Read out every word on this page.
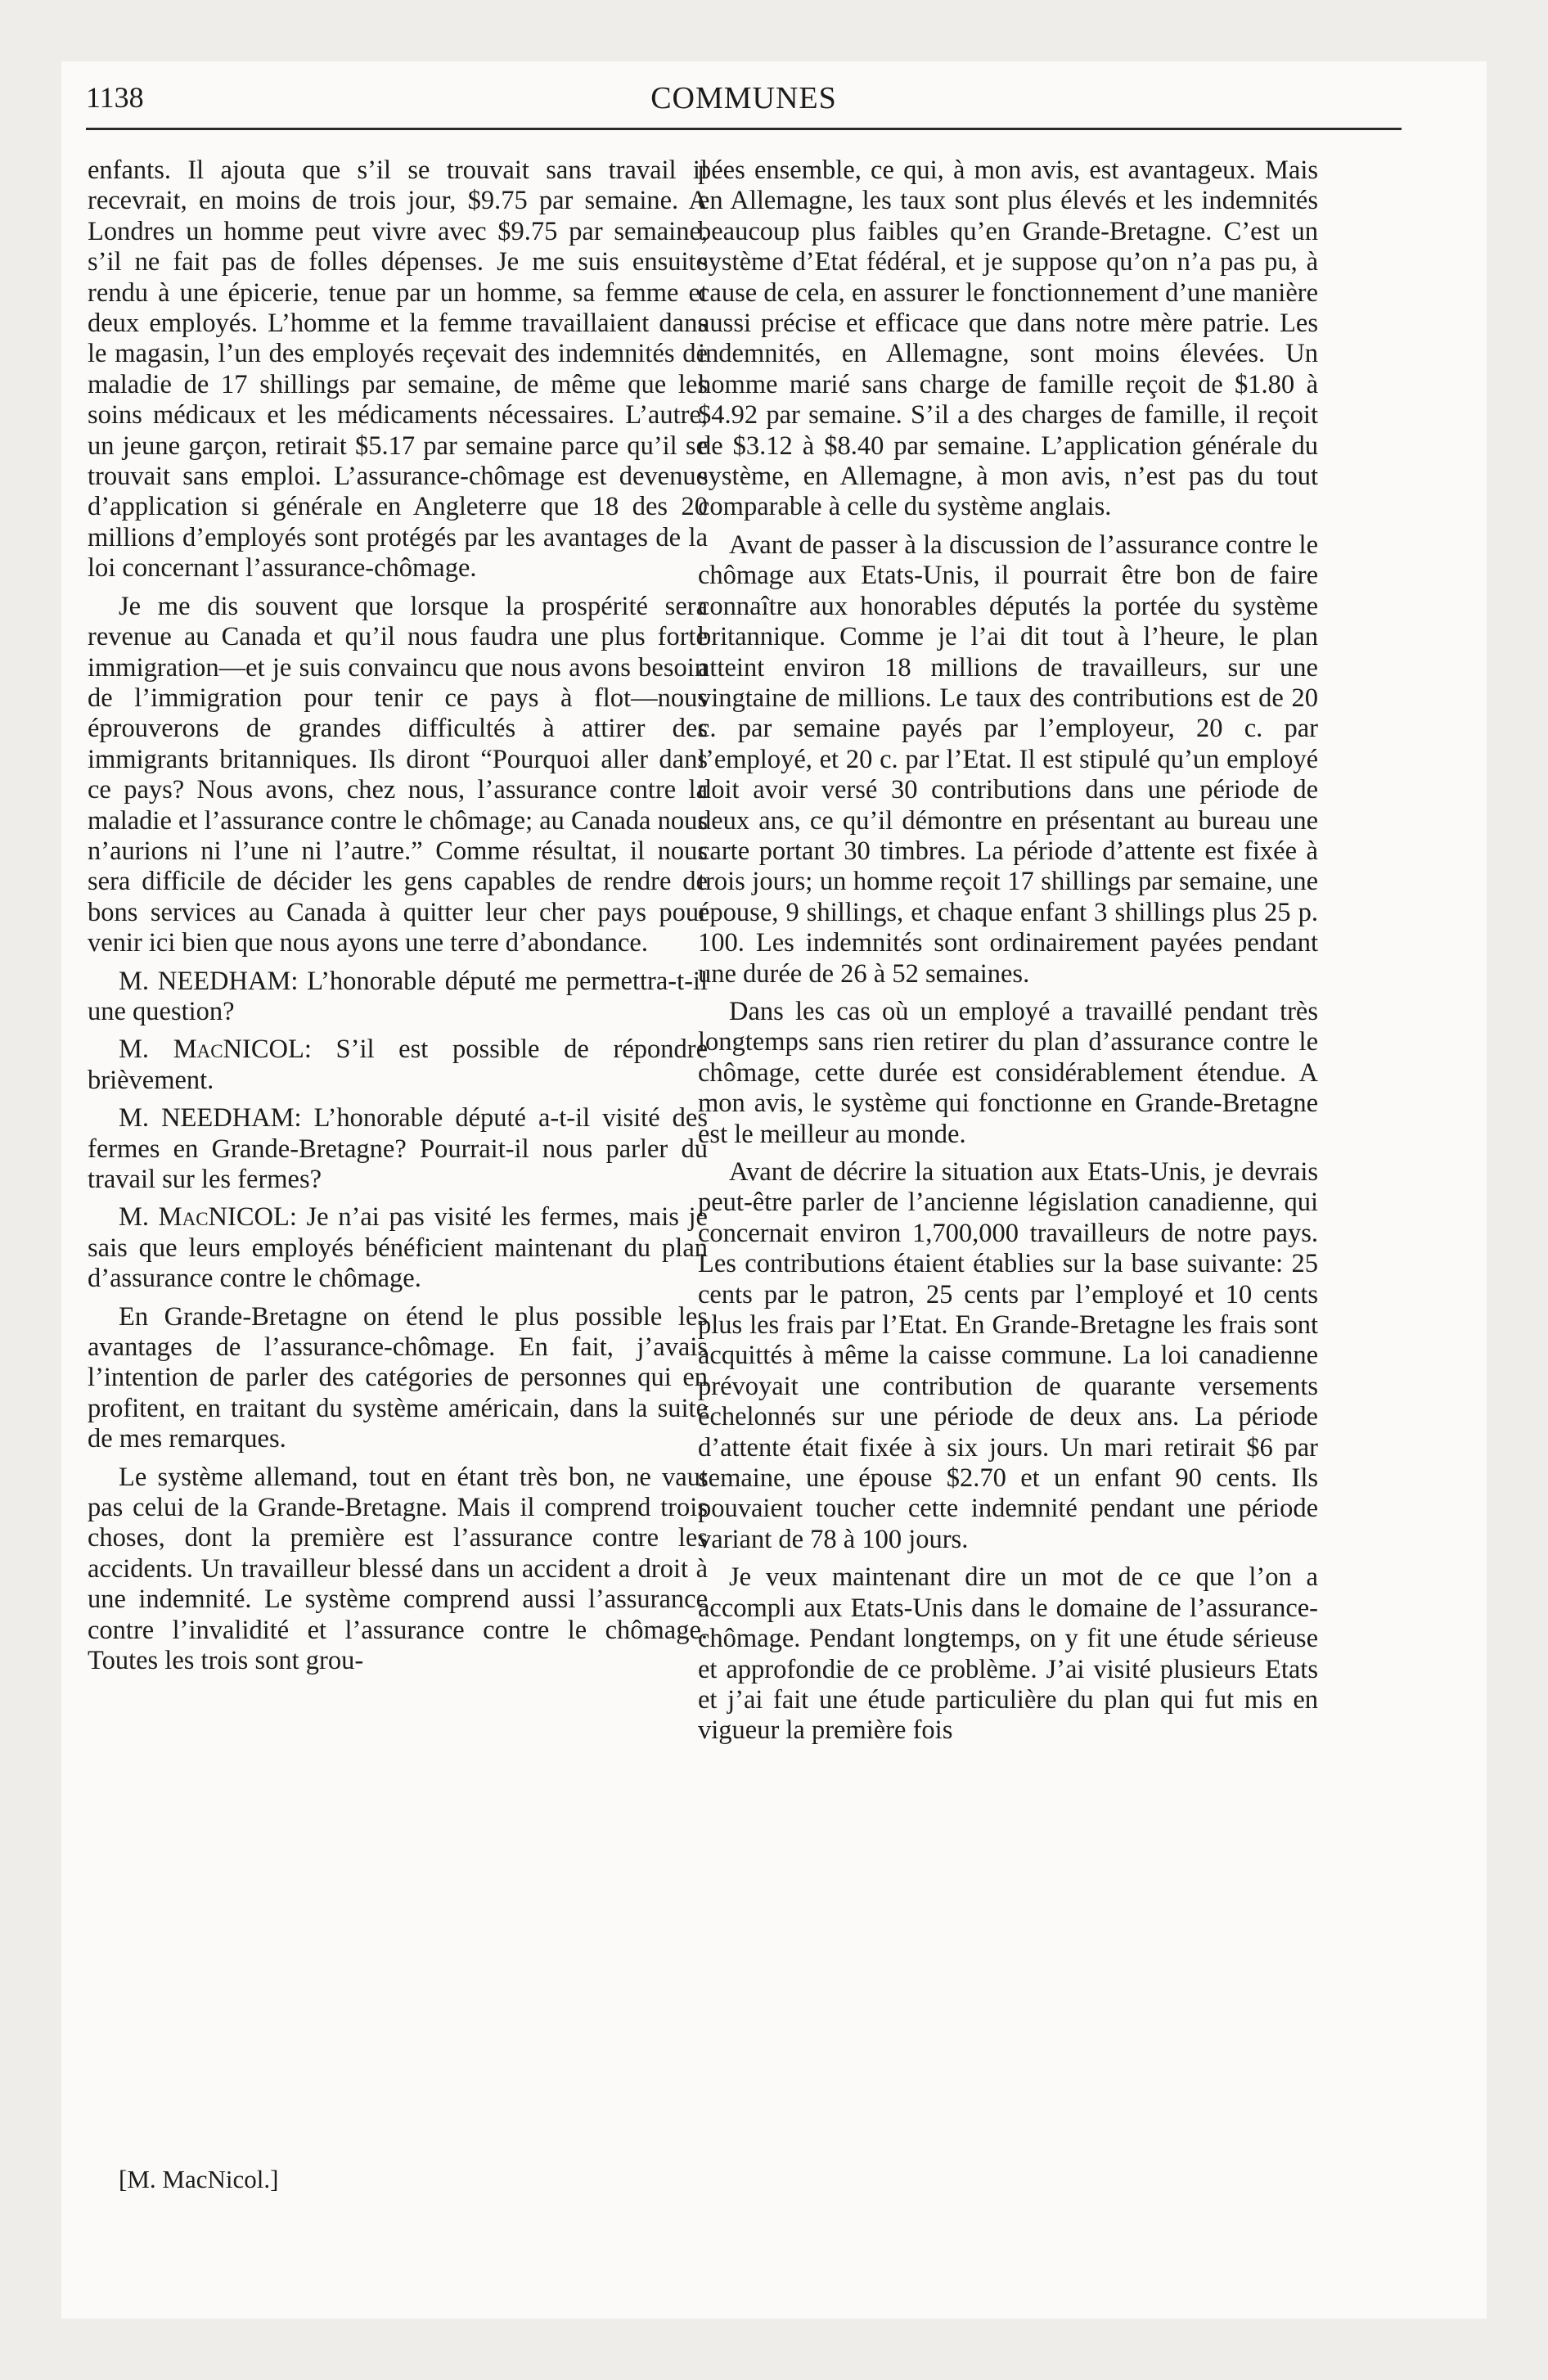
1138	COMMUNES

enfants. Il ajouta que s’il se trouvait sans travail il recevrait, en moins de trois jour, $9.75 par semaine. A Londres un homme peut vivre avec $9.75 par semaine, s’il ne fait pas de folles dépenses. Je me suis ensuite rendu à une épicerie, tenue par un homme, sa femme et deux employés. L’homme et la femme travaillaient dans le magasin, l’un des employés reçevait des indemnités de maladie de 17 shillings par semaine, de même que les soins médicaux et les médicaments nécessaires. L’autre, un jeune garçon, retirait $5.17 par semaine parce qu’il se trouvait sans emploi. L’assurance-chômage est devenue d’application si générale en Angleterre que 18 des 20 millions d’employés sont protégés par les avantages de la loi concernant l’assurance-chômage.

Je me dis souvent que lorsque la prospérité sera revenue au Canada et qu’il nous faudra une plus forte immigration—et je suis convaincu que nous avons besoin de l’immigration pour tenir ce pays à flot—nous éprouverons de grandes difficultés à attirer des immigrants britanniques. Ils diront “Pourquoi aller dans ce pays? Nous avons, chez nous, l’assurance contre la maladie et l’assurance contre le chômage; au Canada nous n’aurions ni l’une ni l’autre.” Comme résultat, il nous sera difficile de décider les gens capables de rendre de bons services au Canada à quitter leur cher pays pour venir ici bien que nous ayons une terre d’abondance.

M. NEEDHAM: L’honorable député me permettra-t-il une question?

M. MacNICOL: S’il est possible de répondre brièvement.

M. NEEDHAM: L’honorable député a-t-il visité des fermes en Grande-Bretagne? Pourrait-il nous parler du travail sur les fermes?

M. MacNICOL: Je n’ai pas visité les fermes, mais je sais que leurs employés bénéficient maintenant du plan d’assurance contre le chômage.

En Grande-Bretagne on étend le plus possible les avantages de l’assurance-chômage. En fait, j’avais l’intention de parler des catégories de personnes qui en profitent, en traitant du système américain, dans la suite de mes remarques.

Le système allemand, tout en étant très bon, ne vaut pas celui de la Grande-Bretagne. Mais il comprend trois choses, dont la première est l’assurance contre les accidents. Un travailleur blessé dans un accident a droit à une indemnité. Le système comprend aussi l’assurance contre l’invalidité et l’assurance contre le chômage. Toutes les trois sont grou-

[M. MacNicol.]

pées ensemble, ce qui, à mon avis, est avantageux. Mais en Allemagne, les taux sont plus élevés et les indemnités beaucoup plus faibles qu’en Grande-Bretagne. C’est un système d’Etat fédéral, et je suppose qu’on n’a pas pu, à cause de cela, en assurer le fonctionnement d’une manière aussi précise et efficace que dans notre mère patrie. Les indemnités, en Allemagne, sont moins élevées. Un homme marié sans charge de famille reçoit de $1.80 à $4.92 par semaine. S’il a des charges de famille, il reçoit de $3.12 à $8.40 par semaine. L’application générale du système, en Allemagne, à mon avis, n’est pas du tout comparable à celle du système anglais.

Avant de passer à la discussion de l’assurance contre le chômage aux Etats-Unis, il pourrait être bon de faire connaître aux honorables députés la portée du système britannique. Comme je l’ai dit tout à l’heure, le plan atteint environ 18 millions de travailleurs, sur une vingtaine de millions. Le taux des contributions est de 20 c. par semaine payés par l’employeur, 20 c. par l’employé, et 20 c. par l’Etat. Il est stipulé qu’un employé doit avoir versé 30 contributions dans une période de deux ans, ce qu’il démontre en présentant au bureau une carte portant 30 timbres. La période d’attente est fixée à trois jours; un homme reçoit 17 shillings par semaine, une épouse, 9 shillings, et chaque enfant 3 shillings plus 25 p. 100. Les indemnités sont ordinairement payées pendant une durée de 26 à 52 semaines.

Dans les cas où un employé a travaillé pendant très longtemps sans rien retirer du plan d’assurance contre le chômage, cette durée est considérablement étendue. A mon avis, le système qui fonctionne en Grande-Bretagne est le meilleur au monde.

Avant de décrire la situation aux Etats-Unis, je devrais peut-être parler de l’ancienne législation canadienne, qui concernait environ 1,700,000 travailleurs de notre pays. Les contributions étaient établies sur la base suivante: 25 cents par le patron, 25 cents par l’employé et 10 cents plus les frais par l’Etat. En Grande-Bretagne les frais sont acquittés à même la caisse commune. La loi canadienne prévoyait une contribution de quarante versements échelonnés sur une période de deux ans. La période d’attente était fixée à six jours. Un mari retirait $6 par semaine, une épouse $2.70 et un enfant 90 cents. Ils pouvaient toucher cette indemnité pendant une période variant de 78 à 100 jours.

Je veux maintenant dire un mot de ce que l’on a accompli aux Etats-Unis dans le domaine de l’assurance-chômage. Pendant longtemps, on y fit une étude sérieuse et approfondie de ce problème. J’ai visité plusieurs Etats et j’ai fait une étude particulière du plan qui fut mis en vigueur la première fois
